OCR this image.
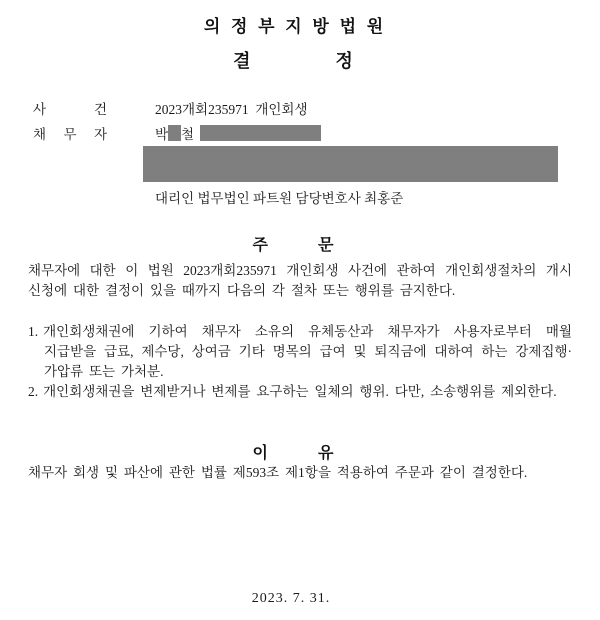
의 정 부 지 방 법 원
결	정
사	건	2023개회235971  개인회생
채 무 자	박 철
대리인 법무법인 파트원 담당변호사 최홍준
주	문
채무자에 대한 이 법원 2023개회235971 개인회생 사건에 관하여 개인회생절차의 개시 신청에 대한 결정이 있을 때까지 다음의 각 절차 또는 행위를 금지한다.
1. 개인회생채권에 기하여 채무자 소유의 유체동산과 채무자가 사용자로부터 매월 지급받을 급료, 제수당, 상여금 기타 명목의 급여 및 퇴직금에 대하여 하는 강제집행·가압류 또는 가처분.
2. 개인회생채권을 변제받거나 변제를 요구하는 일체의 행위. 다만, 소송행위를 제외한다.
이	유
채무자 회생 및 파산에 관한 법률 제593조 제1항을 적용하여 주문과 같이 결정한다.
2023. 7. 31.
